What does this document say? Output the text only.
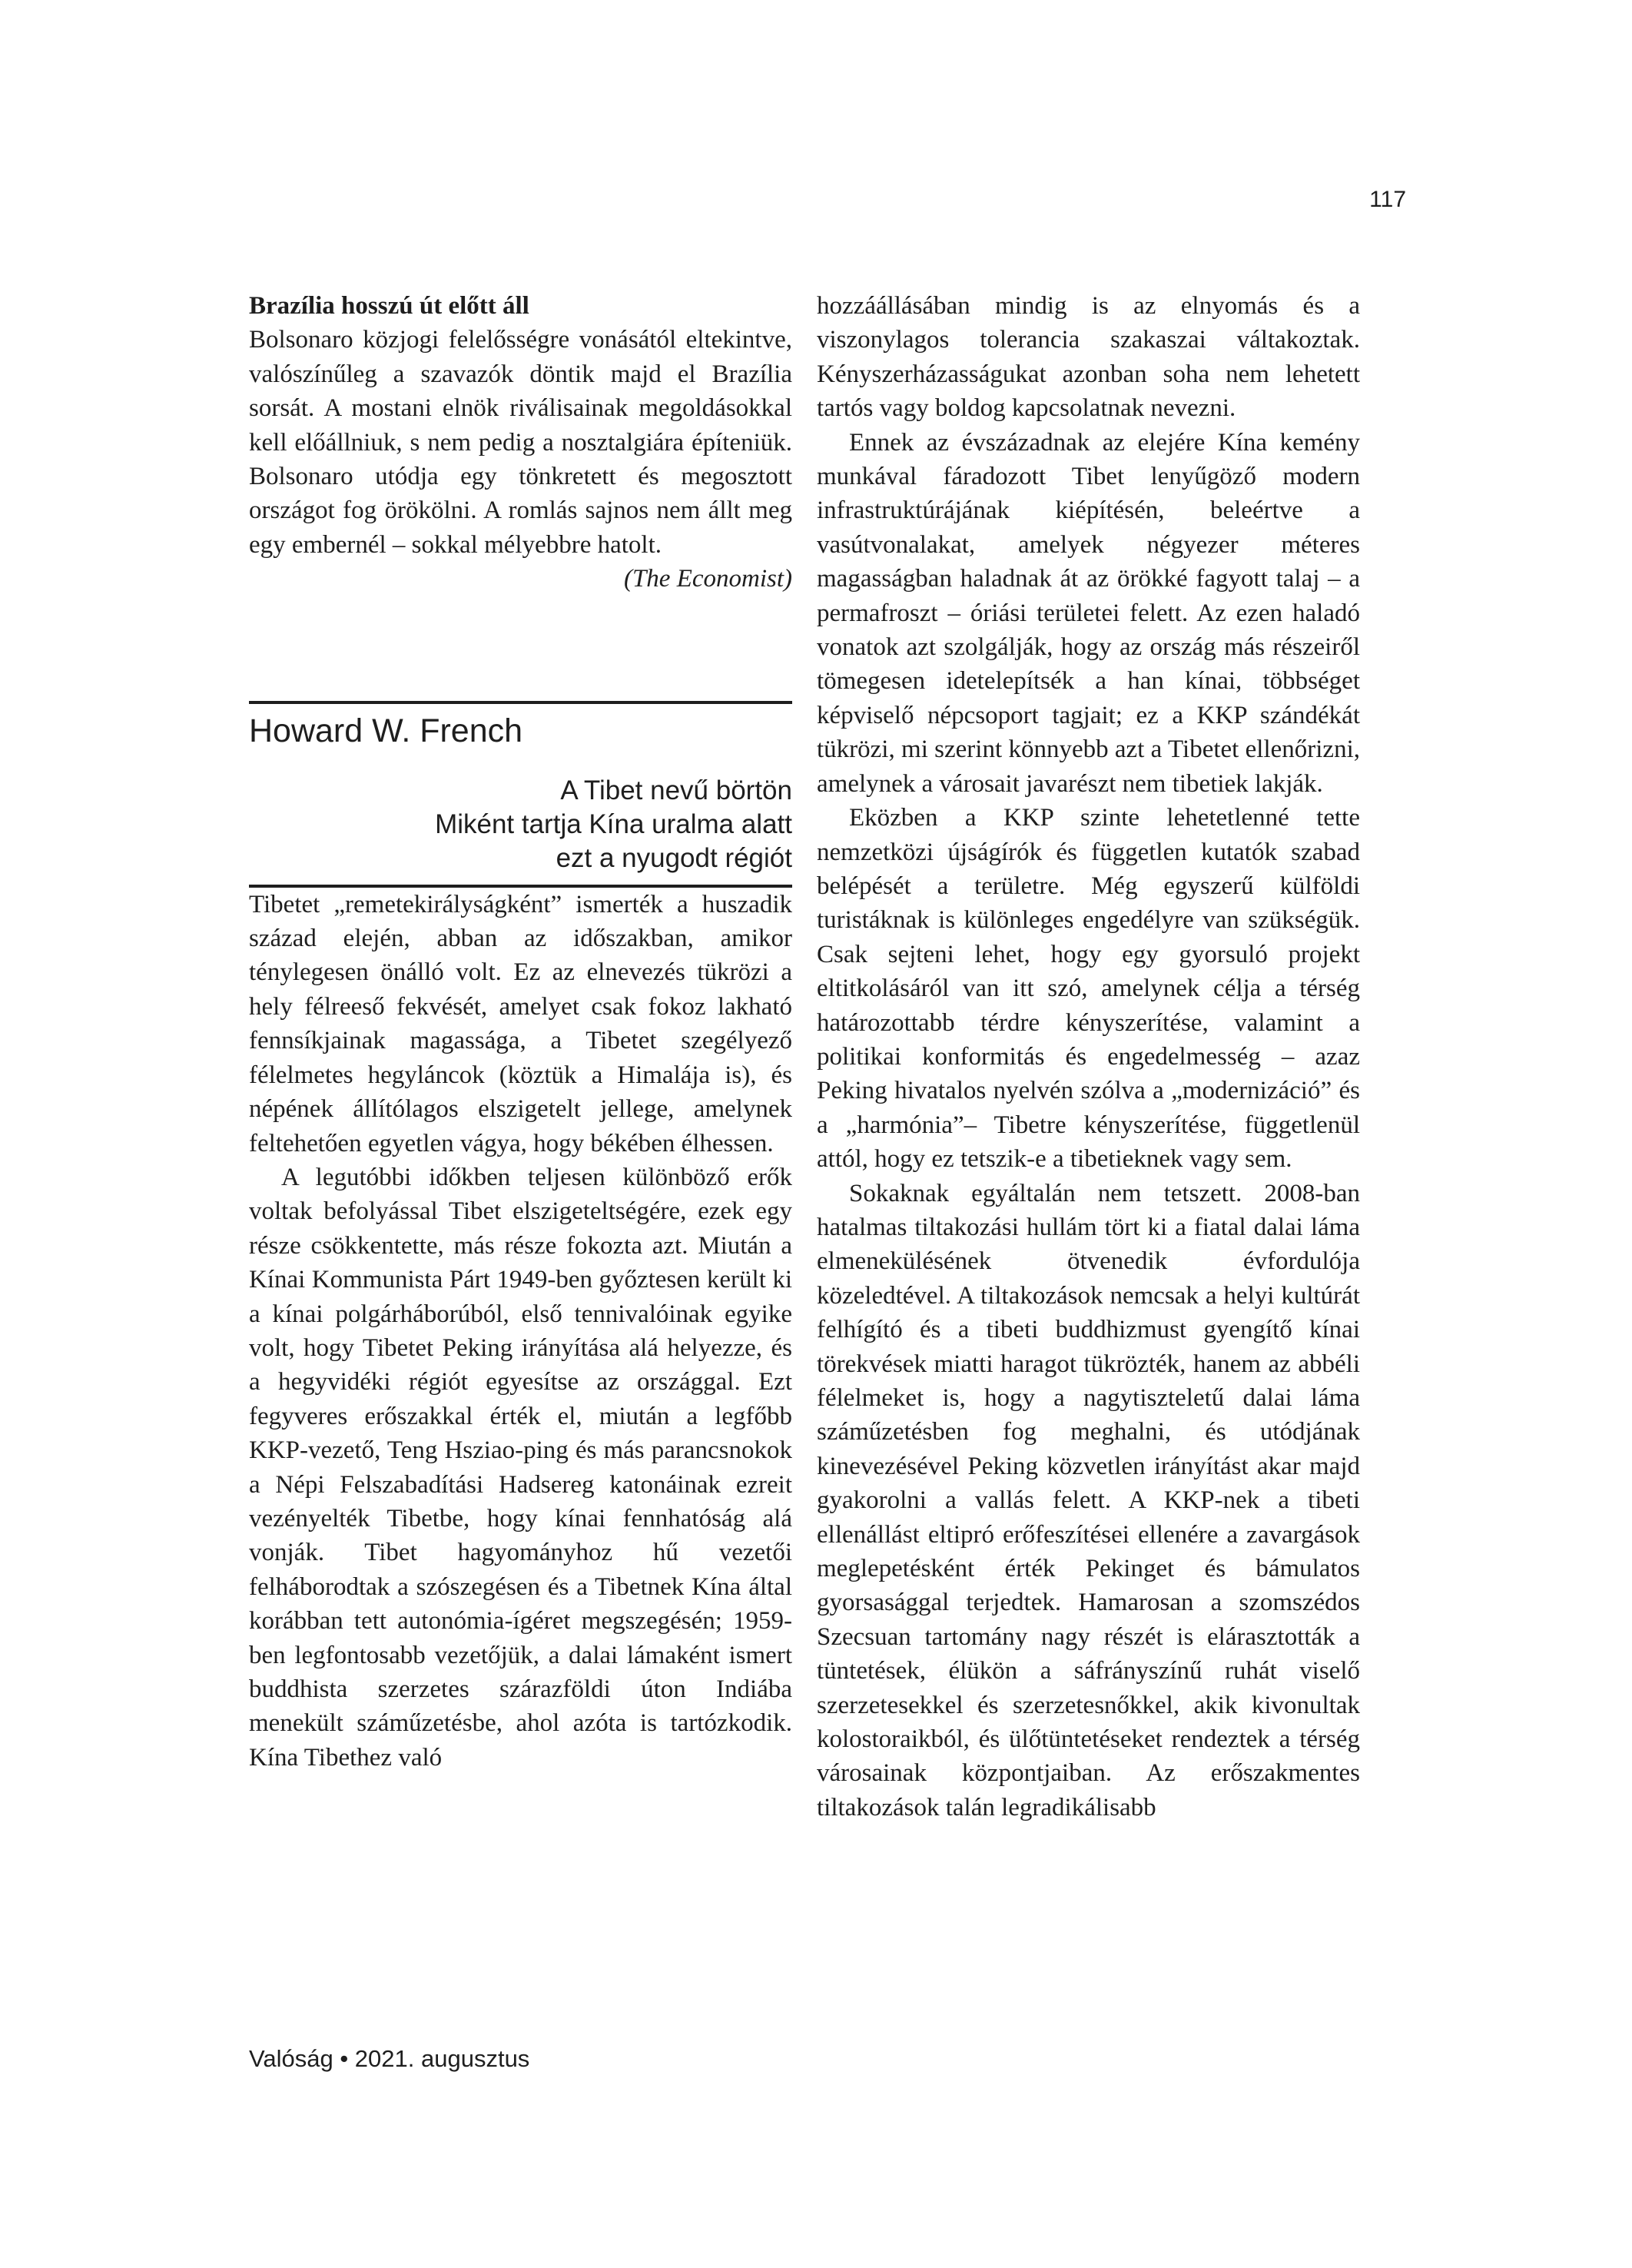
117

Brazília hosszú út előtt áll

Bolsonaro közjogi felelősségre vonásától eltekintve, valószínűleg a szavazók döntik majd el Brazília sorsát. A mostani elnök riválisainak megoldásokkal kell előállniuk, s nem pedig a nosztalgiára építeniük. Bolsonaro utódja egy tönkretett és megosztott országot fog örökölni. A romlás sajnos nem állt meg egy embernél – sokkal mélyebbre hatolt.

(The Economist)

Howard W. French
A Tibet nevű börtön
Miként tartja Kína uralma alatt
ezt a nyugodt régiót

Tibetet „remetekirályságként” ismerték a huszadik század elején, abban az időszakban, amikor ténylegesen önálló volt. Ez az elnevezés tükrözi a hely félreeső fekvését, amelyet csak fokoz lakható fennsíkjainak magassága, a Tibetet szegélyező félelmetes hegyláncok (köztük a Himalája is), és népének állítólagos elszigetelt jellege, amelynek feltehetően egyetlen vágya, hogy békében élhessen.

A legutóbbi időkben teljesen különböző erők voltak befolyással Tibet elszigeteltségére, ezek egy része csökkentette, más része fokozta azt. Miután a Kínai Kommunista Párt 1949-ben győztesen került ki a kínai polgárháborúból, első tennivalóinak egyike volt, hogy Tibetet Peking irányítása alá helyezze, és a hegyvidéki régiót egyesítse az országgal. Ezt fegyveres erőszakkal érték el, miután a legfőbb KKP-vezető, Teng Hsziao-ping és más parancsnokok a Népi Felszabadítási Hadsereg katonáinak ezreit vezényelték Tibetbe, hogy kínai fennhatóság alá vonják. Tibet hagyományhoz hű vezetői felháborodtak a szószegésen és a Tibetnek Kína által korábban tett autonómia-ígéret megszegésén; 1959-ben legfontosabb vezetőjük, a dalai lámaként ismert buddhista szerzetes szárazföldi úton Indiába menekült száműzetésbe, ahol azóta is tartózkodik. Kína Tibethez való

hozzáállásában mindig is az elnyomás és a viszonylagos tolerancia szakaszai váltakoztak. Kényszerházasságukat azonban soha nem lehetett tartós vagy boldog kapcsolatnak nevezni.

Ennek az évszázadnak az elejére Kína kemény munkával fáradozott Tibet lenyűgöző modern infrastruktúrájának kiépítésén, beleértve a vasútvonalakat, amelyek négyezer méteres magasságban haladnak át az örökké fagyott talaj – a permafroszt – óriási területei felett. Az ezen haladó vonatok azt szolgálják, hogy az ország más részeiről tömegesen idetelepítsék a han kínai, többséget képviselő népcsoport tagjait; ez a KKP szándékát tükrözi, mi szerint könnyebb azt a Tibetet ellenőrizni, amelynek a városait javarészt nem tibetiek lakják.

Eközben a KKP szinte lehetetlenné tette nemzetközi újságírók és független kutatók szabad belépését a területre. Még egyszerű külföldi turistáknak is különleges engedélyre van szükségük. Csak sejteni lehet, hogy egy gyorsuló projekt eltitkolásáról van itt szó, amelynek célja a térség határozottabb térdre kényszerítése, valamint a politikai konformitás és engedelmesség – azaz Peking hivatalos nyelvén szólva a „modernizáció” és a „harmónia”– Tibetre kényszerítése, függetlenül attól, hogy ez tetszik-e a tibetieknek vagy sem.

Sokaknak egyáltalán nem tetszett. 2008-ban hatalmas tiltakozási hullám tört ki a fiatal dalai láma elmenekülésének ötvenedik évfordulója közeledtével. A tiltakozások nemcsak a helyi kultúrát felhígító és a tibeti buddhizmust gyengítő kínai törekvések miatti haragot tükrözték, hanem az abbéli félelmeket is, hogy a nagytiszteletű dalai láma száműzetésben fog meghalni, és utódjának kinevezésével Peking közvetlen irányítást akar majd gyakorolni a vallás felett. A KKP-nek a tibeti ellenállást eltipró erőfeszítései ellenére a zavargások meglepetésként érték Pekinget és bámulatos gyorsasággal terjedtek. Hamarosan a szomszédos Szecsuan tartomány nagy részét is elárasztották a tüntetések, élükön a sáfrányszínű ruhát viselő szerzetesekkel és szerzetesnőkkel, akik kivonultak kolostoraikból, és ülőtüntetéseket rendeztek a térség városainak központjaiban. Az erőszakmentes tiltakozások talán legradikálisabb

Valóság • 2021. augusztus
